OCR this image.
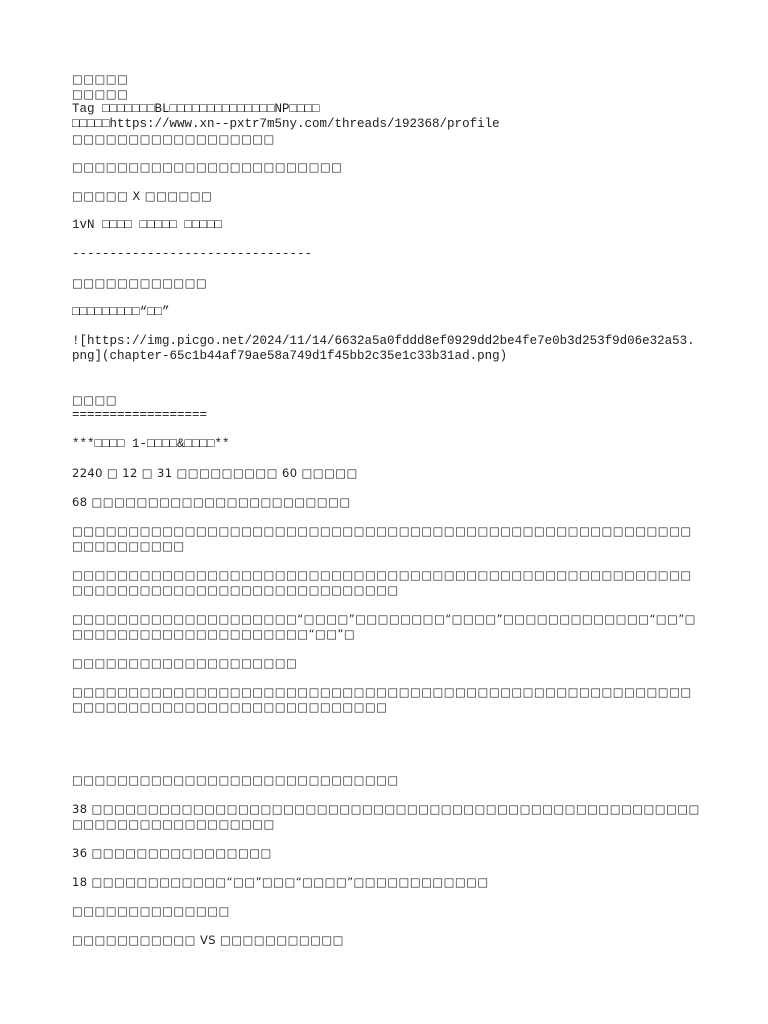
□□□□□
□□□□□
Tag □□□□□□□BL□□□□□□□□□□□□□□NP□□□□
□□□□□https://www.xn--pxtr7m5ny.com/threads/192368/profile
□□□□□□□□□□□□□□□□□□

□□□□□□□□□□□□□□□□□□□□□□□□

□□□□□ X □□□□□□

1vN □□□□ □□□□□ □□□□□

--------------------------------

□□□□□□□□□□□□

□□□□□□□□□“□□”

![https://img.picgo.net/2024/11/14/6632a5a0fddd8ef0929dd2be4fe7e0b3d253f9d06e32a53.png](chapter-65c1b44af79ae58a749d1f45bb2c35e1c33b31ad.png)

□□□□
==================

***□□□□ 1-□□□□&□□□□**

2240 □ 12 □ 31 □□□□□□□□□ 60 □□□□□

68 □□□□□□□□□□□□□□□□□□□□□□□

□□□□□□□□□□□□□□□□□□□□□□□□□□□□□□□□□□□□□□□□□□□□□□□□□□□□□□□□□□□□□□□□□

□□□□□□□□□□□□□□□□□□□□□□□□□□□□□□□□□□□□□□□□□□□□□□□□□□□□□□□□□□□□□□□□□□□□□□□□□□□□□□□□□□□□

□□□□□□□□□□□□□□□□□□□□“□□□□”□□□□□□□□“□□□□”□□□□□□□□□□□□□“□□”□□□□□□□□□□□□□□□□□□□□□□“□□”□

□□□□□□□□□□□□□□□□□□□□

□□□□□□□□□□□□□□□□□□□□□□□□□□□□□□□□□□□□□□□□□□□□□□□□□□□□□□□□□□□□□□□□□□□□□□□□□□□□□□□□□□□

□□□□□□□□□□□□□□□□□□□□□□□□□□□□□

38 □□□□□□□□□□□□□□□□□□□□□□□□□□□□□□□□□□□□□□□□□□□□□□□□□□□□□□□□□□□□□□□□□□□□□□□□

36 □□□□□□□□□□□□□□□□

18 □□□□□□□□□□□□“□□”□□□“□□□□”□□□□□□□□□□□□

□□□□□□□□□□□□□□

□□□□□□□□□□□ VS □□□□□□□□□□□
